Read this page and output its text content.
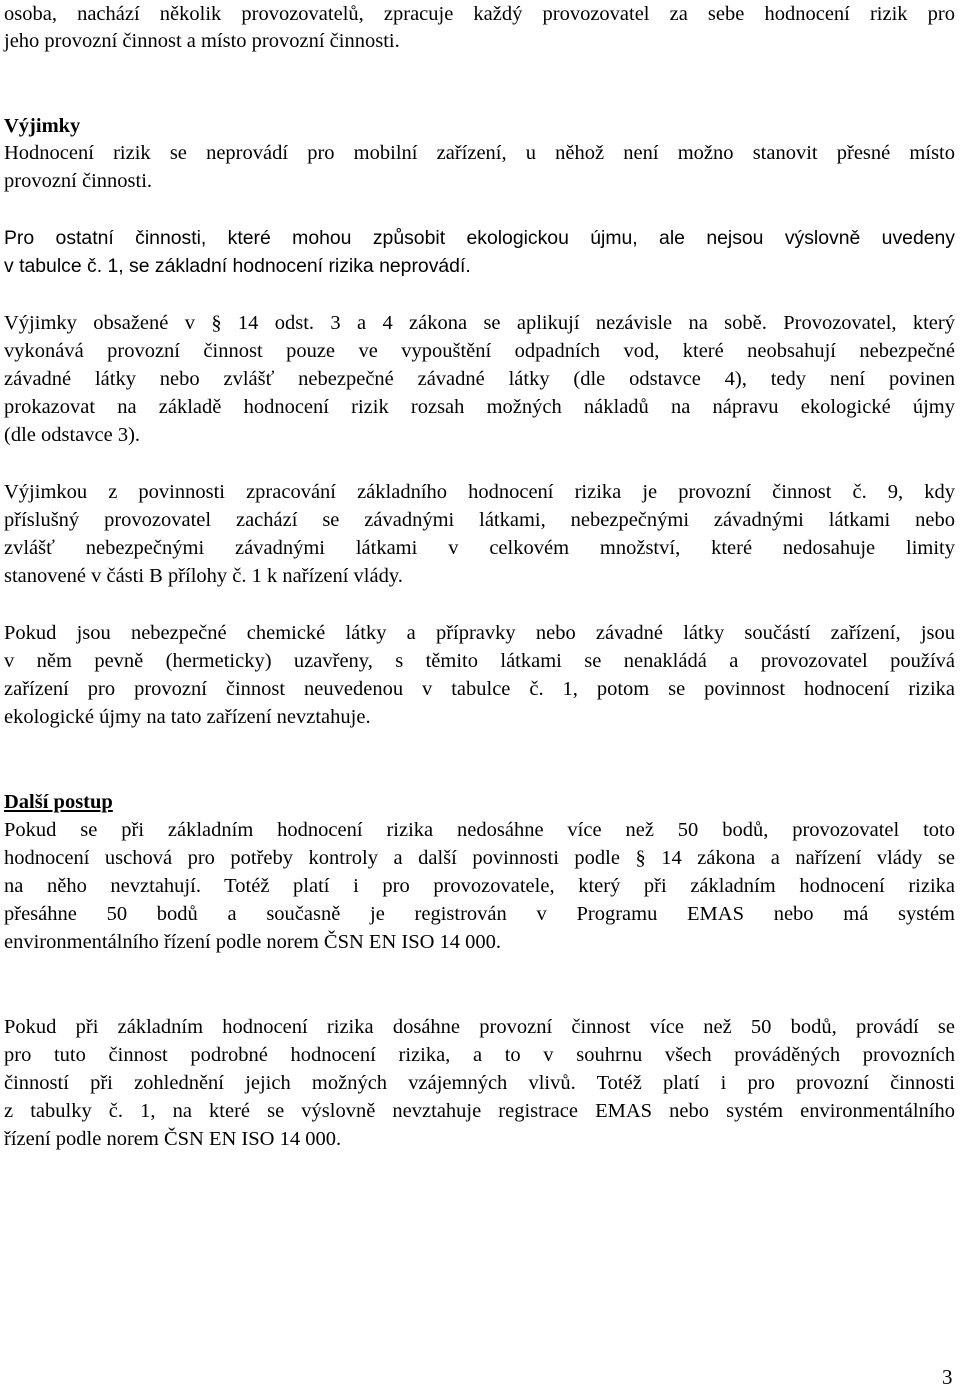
osoba, nachází několik provozovatelů, zpracuje každý provozovatel za sebe hodnocení rizik pro
jeho provozní činnost a místo provozní činnosti.
Výjimky
Hodnocení rizik se neprovádí pro mobilní zařízení, u něhož není možno stanovit přesné místo
provozní činnosti.
Pro ostatní činnosti, které mohou způsobit ekologickou újmu, ale nejsou výslovně uvedeny
v tabulce č. 1, se základní hodnocení rizika neprovádí.
Výjimky obsažené v § 14 odst. 3 a 4 zákona se aplikují nezávisle na sobě. Provozovatel, který
vykonává provozní činnost pouze ve vypouštění odpadních vod, které neobsahují nebezpečné
závadné látky nebo zvlášť nebezpečné závadné látky (dle odstavce 4), tedy není povinen
prokazovat na základě hodnocení rizik rozsah možných nákladů na nápravu ekologické újmy
(dle odstavce 3).
Výjimkou z povinnosti zpracování základního hodnocení rizika je provozní činnost č. 9, kdy
příslušný provozovatel zachází se závadnými látkami, nebezpečnými závadnými látkami nebo
zvlášť nebezpečnými závadnými látkami v celkovém množství, které nedosahuje limity
stanovené v části B přílohy č. 1 k nařízení vlády.
Pokud jsou nebezpečné chemické látky a přípravky nebo závadné látky součástí zařízení, jsou
v něm pevně (hermeticky) uzavřeny, s těmito látkami se nenakládá a provozovatel používá
zařízení pro provozní činnost neuvedenou v tabulce č. 1, potom se povinnost hodnocení rizika
ekologické újmy na tato zařízení nevztahuje.
Další postup
Pokud se při základním hodnocení rizika nedosáhne více než 50 bodů, provozovatel toto
hodnocení uschová pro potřeby kontroly a další povinnosti podle § 14 zákona a nařízení vlády se
na něho nevztahují. Totéž platí i pro provozovatele, který při základním hodnocení rizika
přesáhne 50 bodů a současně je registrován v Programu EMAS nebo má systém
environmentálního řízení podle norem ČSN EN ISO 14 000.
Pokud při základním hodnocení rizika dosáhne provozní činnost více než 50 bodů, provádí se
pro tuto činnost podrobné hodnocení rizika, a to v souhrnu všech prováděných provozních
činností při zohlednění jejich možných vzájemných vlivů. Totéž platí i pro provozní činnosti
z tabulky č. 1, na které se výslovně nevztahuje registrace EMAS nebo systém environmentálního
řízení podle norem ČSN EN ISO 14 000.
3
